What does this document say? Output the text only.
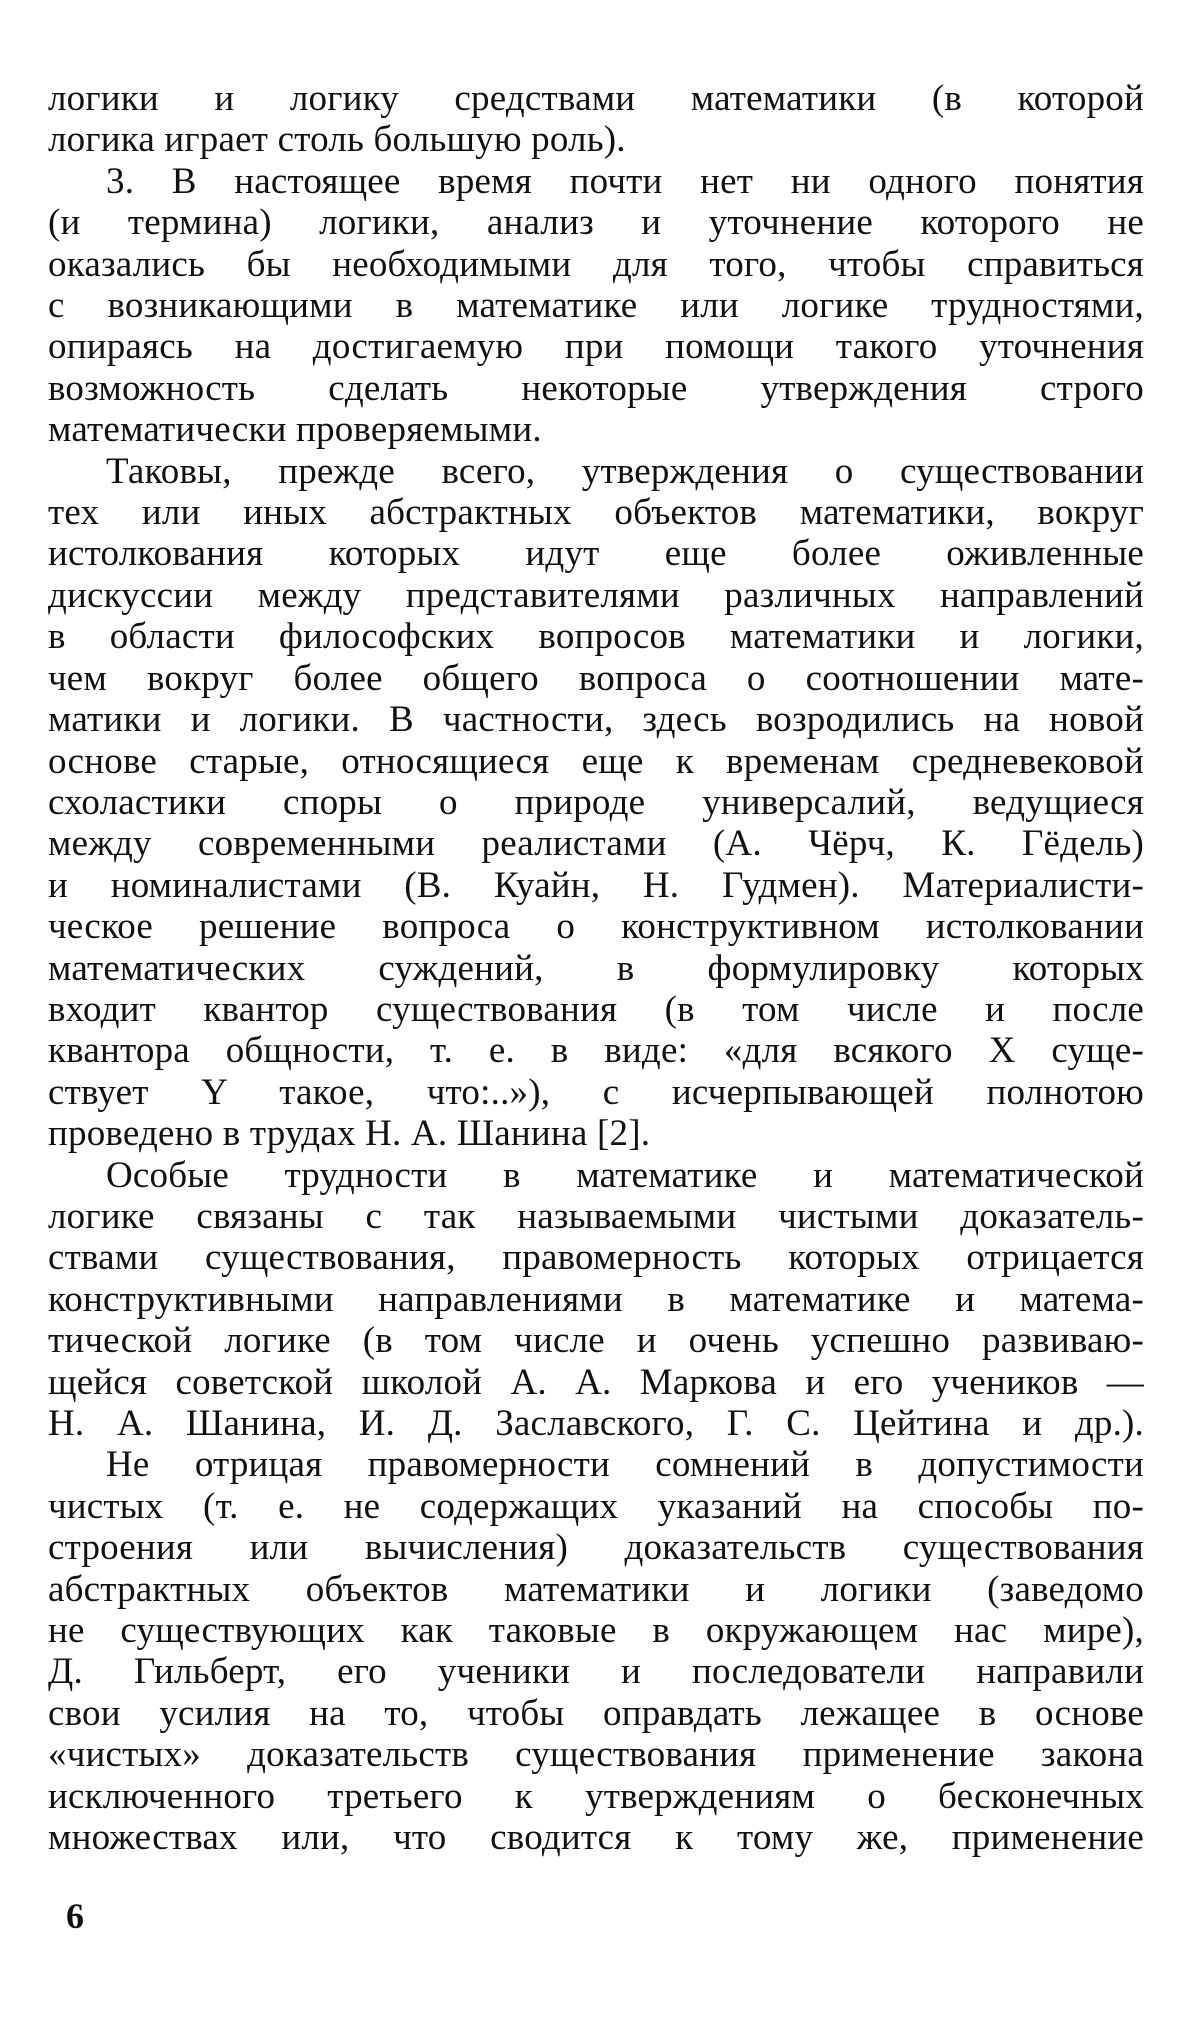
логики и логику средствами математики (в которой
логика играет столь большую роль).

3. В настоящее время почти нет ни одного понятия
(и термина) логики, анализ и уточнение которого не
оказались бы необходимыми для того, чтобы справиться
с возникающими в математике или логике трудностями,
опираясь на достигаемую при помощи такого уточнения
возможность сделать некоторые утверждения строго
математически проверяемыми.

Таковы, прежде всего, утверждения о существовании
тех или иных абстрактных объектов математики, вокруг
истолкования которых идут еще более оживленные
дискуссии между представителями различных направлений
в области философских вопросов математики и логики,
чем вокруг более общего вопроса о соотношении мате-
матики и логики. В частности, здесь возродились на новой
основе старые, относящиеся еще к временам средневековой
схоластики споры о природе универсалий, ведущиеся
между современными реалистами (А. Чёрч, К. Гёдель)
и номиналистами (В. Куайн, Н. Гудмен). Материалисти-
ческое решение вопроса о конструктивном истолковании
математических суждений, в формулировку которых
входит квантор существования (в том числе и после
квантора общности, т. е. в виде: «для всякого X суще-
ствует Y такое, что:..»), с исчерпывающей полнотою
проведено в трудах Н. А. Шанина [2].

Особые трудности в математике и математической
логике связаны с так называемыми чистыми доказатель-
ствами существования, правомерность которых отрицается
конструктивными направлениями в математике и матема-
тической логике (в том числе и очень успешно развиваю-
щейся советской школой А. А. Маркова и его учеников —
Н. А. Шанина, И. Д. Заславского, Г. С. Цейтина и др.).

Не отрицая правомерности сомнений в допустимости
чистых (т. е. не содержащих указаний на способы по-
строения или вычисления) доказательств существования
абстрактных объектов математики и логики (заведомо
не существующих как таковые в окружающем нас мире),
Д. Гильберт, его ученики и последователи направили
свои усилия на то, чтобы оправдать лежащее в основе
«чистых» доказательств существования применение закона
исключенного третьего к утверждениям о бесконечных
множествах или, что сводится к тому же, применение

6
